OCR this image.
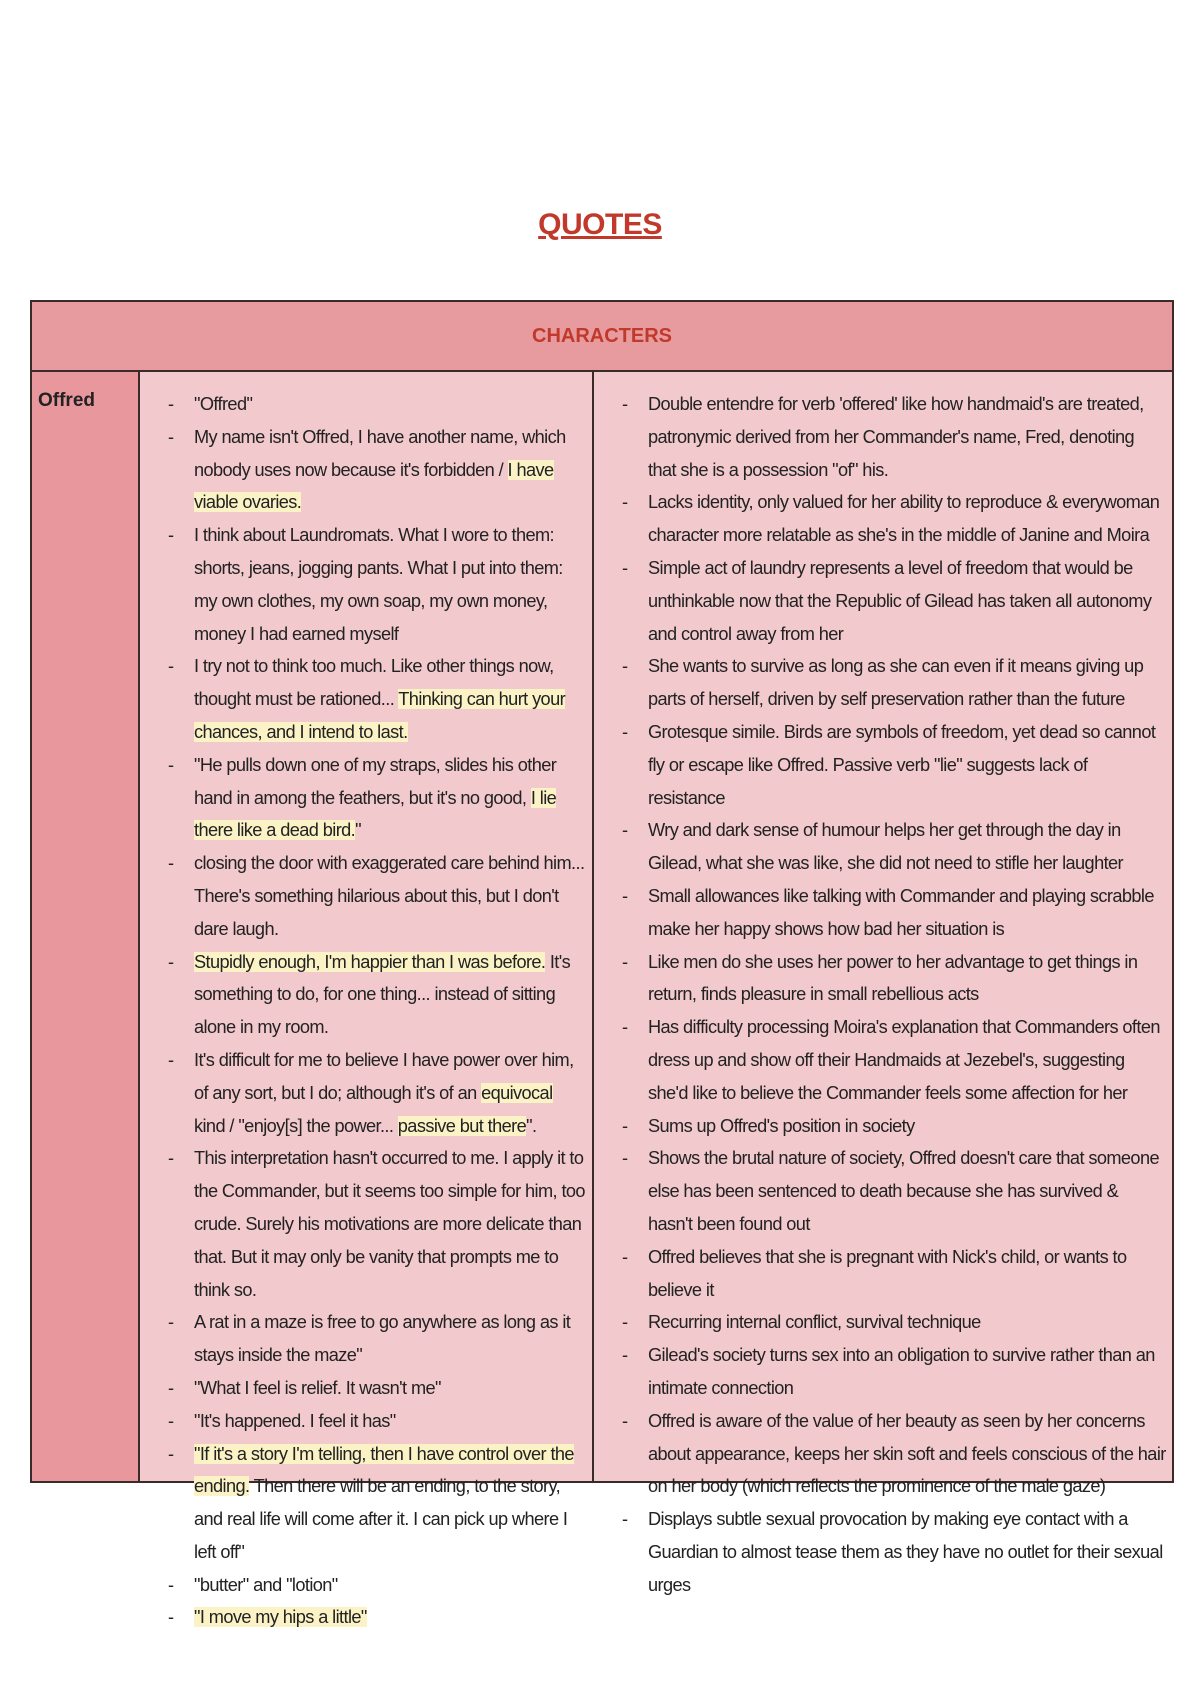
QUOTES
CHARACTERS
Offred
-	"Offred"
- My name isn't Offred, I have another name, which nobody uses now because it's forbidden / I have viable ovaries.
- I think about Laundromats. What I wore to them: shorts, jeans, jogging pants. What I put into them: my own clothes, my own soap, my own money, money I had earned myself
- I try not to think too much. Like other things now, thought must be rationed... Thinking can hurt your chances, and I intend to last.
- "He pulls down one of my straps, slides his other hand in among the feathers, but it's no good, I lie there like a dead bird."
- closing the door with exaggerated care behind him... There's something hilarious about this, but I don't dare laugh.
- Stupidly enough, I'm happier than I was before. It's something to do, for one thing... instead of sitting alone in my room.
- It's difficult for me to believe I have power over him, of any sort, but I do; although it's of an equivocal kind / "enjoy[s] the power... passive but there".
- This interpretation hasn't occurred to me. I apply it to the Commander, but it seems too simple for him, too crude. Surely his motivations are more delicate than that. But it may only be vanity that prompts me to think so.
- A rat in a maze is free to go anywhere as long as it stays inside the maze"
- "What I feel is relief. It wasn't me"
- "It's happened. I feel it has"
- "If it's a story I'm telling, then I have control over the ending. Then there will be an ending, to the story, and real life will come after it. I can pick up where I left off"
- "butter" and "lotion"
- "I move my hips a little"
- Double entendre for verb 'offered' like how handmaid's are treated, patronymic derived from her Commander's name, Fred, denoting that she is a possession "of" his.
- Lacks identity, only valued for her ability to reproduce & everywoman character more relatable as she's in the middle of Janine and Moira
- Simple act of laundry represents a level of freedom that would be unthinkable now that the Republic of Gilead has taken all autonomy and control away from her
- She wants to survive as long as she can even if it means giving up parts of herself, driven by self preservation rather than the future
- Grotesque simile. Birds are symbols of freedom, yet dead so cannot fly or escape like Offred. Passive verb "lie" suggests lack of resistance
- Wry and dark sense of humour helps her get through the day in Gilead, what she was like, she did not need to stifle her laughter
- Small allowances like talking with Commander and playing scrabble make her happy shows how bad her situation is
- Like men do she uses her power to her advantage to get things in return, finds pleasure in small rebellious acts
- Has difficulty processing Moira's explanation that Commanders often dress up and show off their Handmaids at Jezebel's, suggesting she'd like to believe the Commander feels some affection for her
- Sums up Offred's position in society
- Shows the brutal nature of society, Offred doesn't care that someone else has been sentenced to death because she has survived & hasn't been found out
- Offred believes that she is pregnant with Nick's child, or wants to believe it
- Recurring internal conflict, survival technique
- Gilead's society turns sex into an obligation to survive rather than an intimate connection
- Offred is aware of the value of her beauty as seen by her concerns about appearance, keeps her skin soft and feels conscious of the hair on her body (which reflects the prominence of the male gaze)
- Displays subtle sexual provocation by making eye contact with a Guardian to almost tease them as they have no outlet for their sexual urges
